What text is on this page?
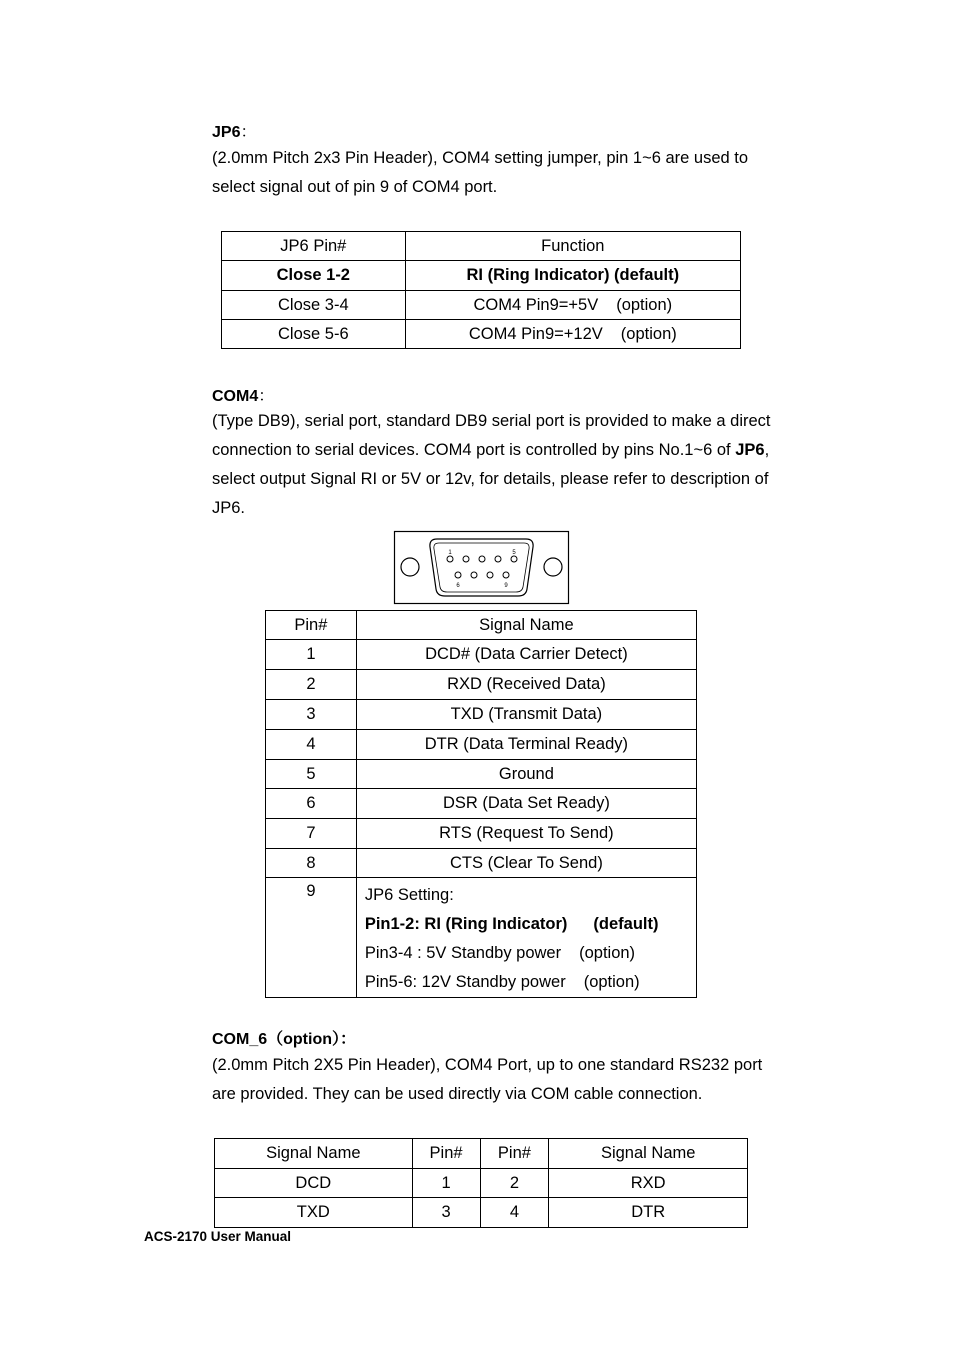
JP6：
(2.0mm Pitch 2x3 Pin Header), COM4 setting jumper, pin 1~6 are used to
select signal out of pin 9 of COM4 port.
JP6 Pin#	Function
Close 1-2	RI (Ring Indicator) (default)
Close 3-4	COM4 Pin9=+5V (option)
Close 5-6	COM4 Pin9=+12V (option)
COM4：
(Type DB9), serial port, standard DB9 serial port is provided to make a direct
connection to serial devices. COM4 port is controlled by pins No.1~6 of JP6,
select output Signal RI or 5V or 12v, for details, please refer to description of
JP6.
1	5
6	9
Pin#	Signal Name
1	DCD# (Data Carrier Detect)
2	RXD (Received Data)
3	TXD (Transmit Data)
4	DTR (Data Terminal Ready)
5	Ground
6	DSR (Data Set Ready)
7	RTS (Request To Send)
8	CTS (Clear To Send)
9	JP6 Setting:
Pin1-2: RI (Ring Indicator) (default)
Pin3-4 : 5V Standby power (option)
Pin5-6: 12V Standby power (option)
COM_6（option）：
(2.0mm Pitch 2X5 Pin Header), COM4 Port, up to one standard RS232 port
are provided. They can be used directly via COM cable connection.
Signal Name	Pin#	Pin#	Signal Name
DCD	1	2	RXD
TXD	3	4	DTR
ACS-2170 User Manual
